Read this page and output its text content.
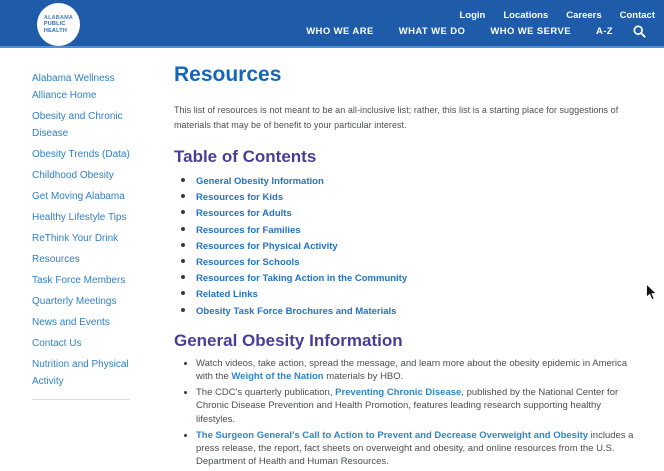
ALABAMA
PUBLIC
HEALTH
Login Locations Careers Contact
WHO WE ARE	WHAT WE DO	WHO WE SERVE	A-Z
Alabama Wellness Alliance Home
Obesity and Chronic Disease
Obesity Trends (Data)
Childhood Obesity
Get Moving Alabama
Healthy Lifestyle Tips
ReThink Your Drink
Resources
Task Force Members
Quarterly Meetings
News and Events
Contact Us
Nutrition and Physical Activity
Resources

This list of resources is not meant to be an all-inclusive list; rather, this list is a starting place for suggestions of materials that may be of benefit to your particular interest.

Table of Contents
• General Obesity Information
• Resources for Kids
• Resources for Adults
• Resources for Families
• Resources for Physical Activity
• Resources for Schools
• Resources for Taking Action in the Community
• Related Links
• Obesity Task Force Brochures and Materials
General Obesity Information
• Watch videos, take action, spread the message, and learn more about the obesity epidemic in America with the Weight of the Nation materials by HBO.
• The CDC's quarterly publication, Preventing Chronic Disease, published by the National Center for Chronic Disease Prevention and Health Promotion, features leading research supporting healthy lifestyles.
• The Surgeon General's Call to Action to Prevent and Decrease Overweight and Obesity includes a press release, the report, fact sheets on overweight and obesity, and online resources from the U.S. Department of Health and Human Resources.
